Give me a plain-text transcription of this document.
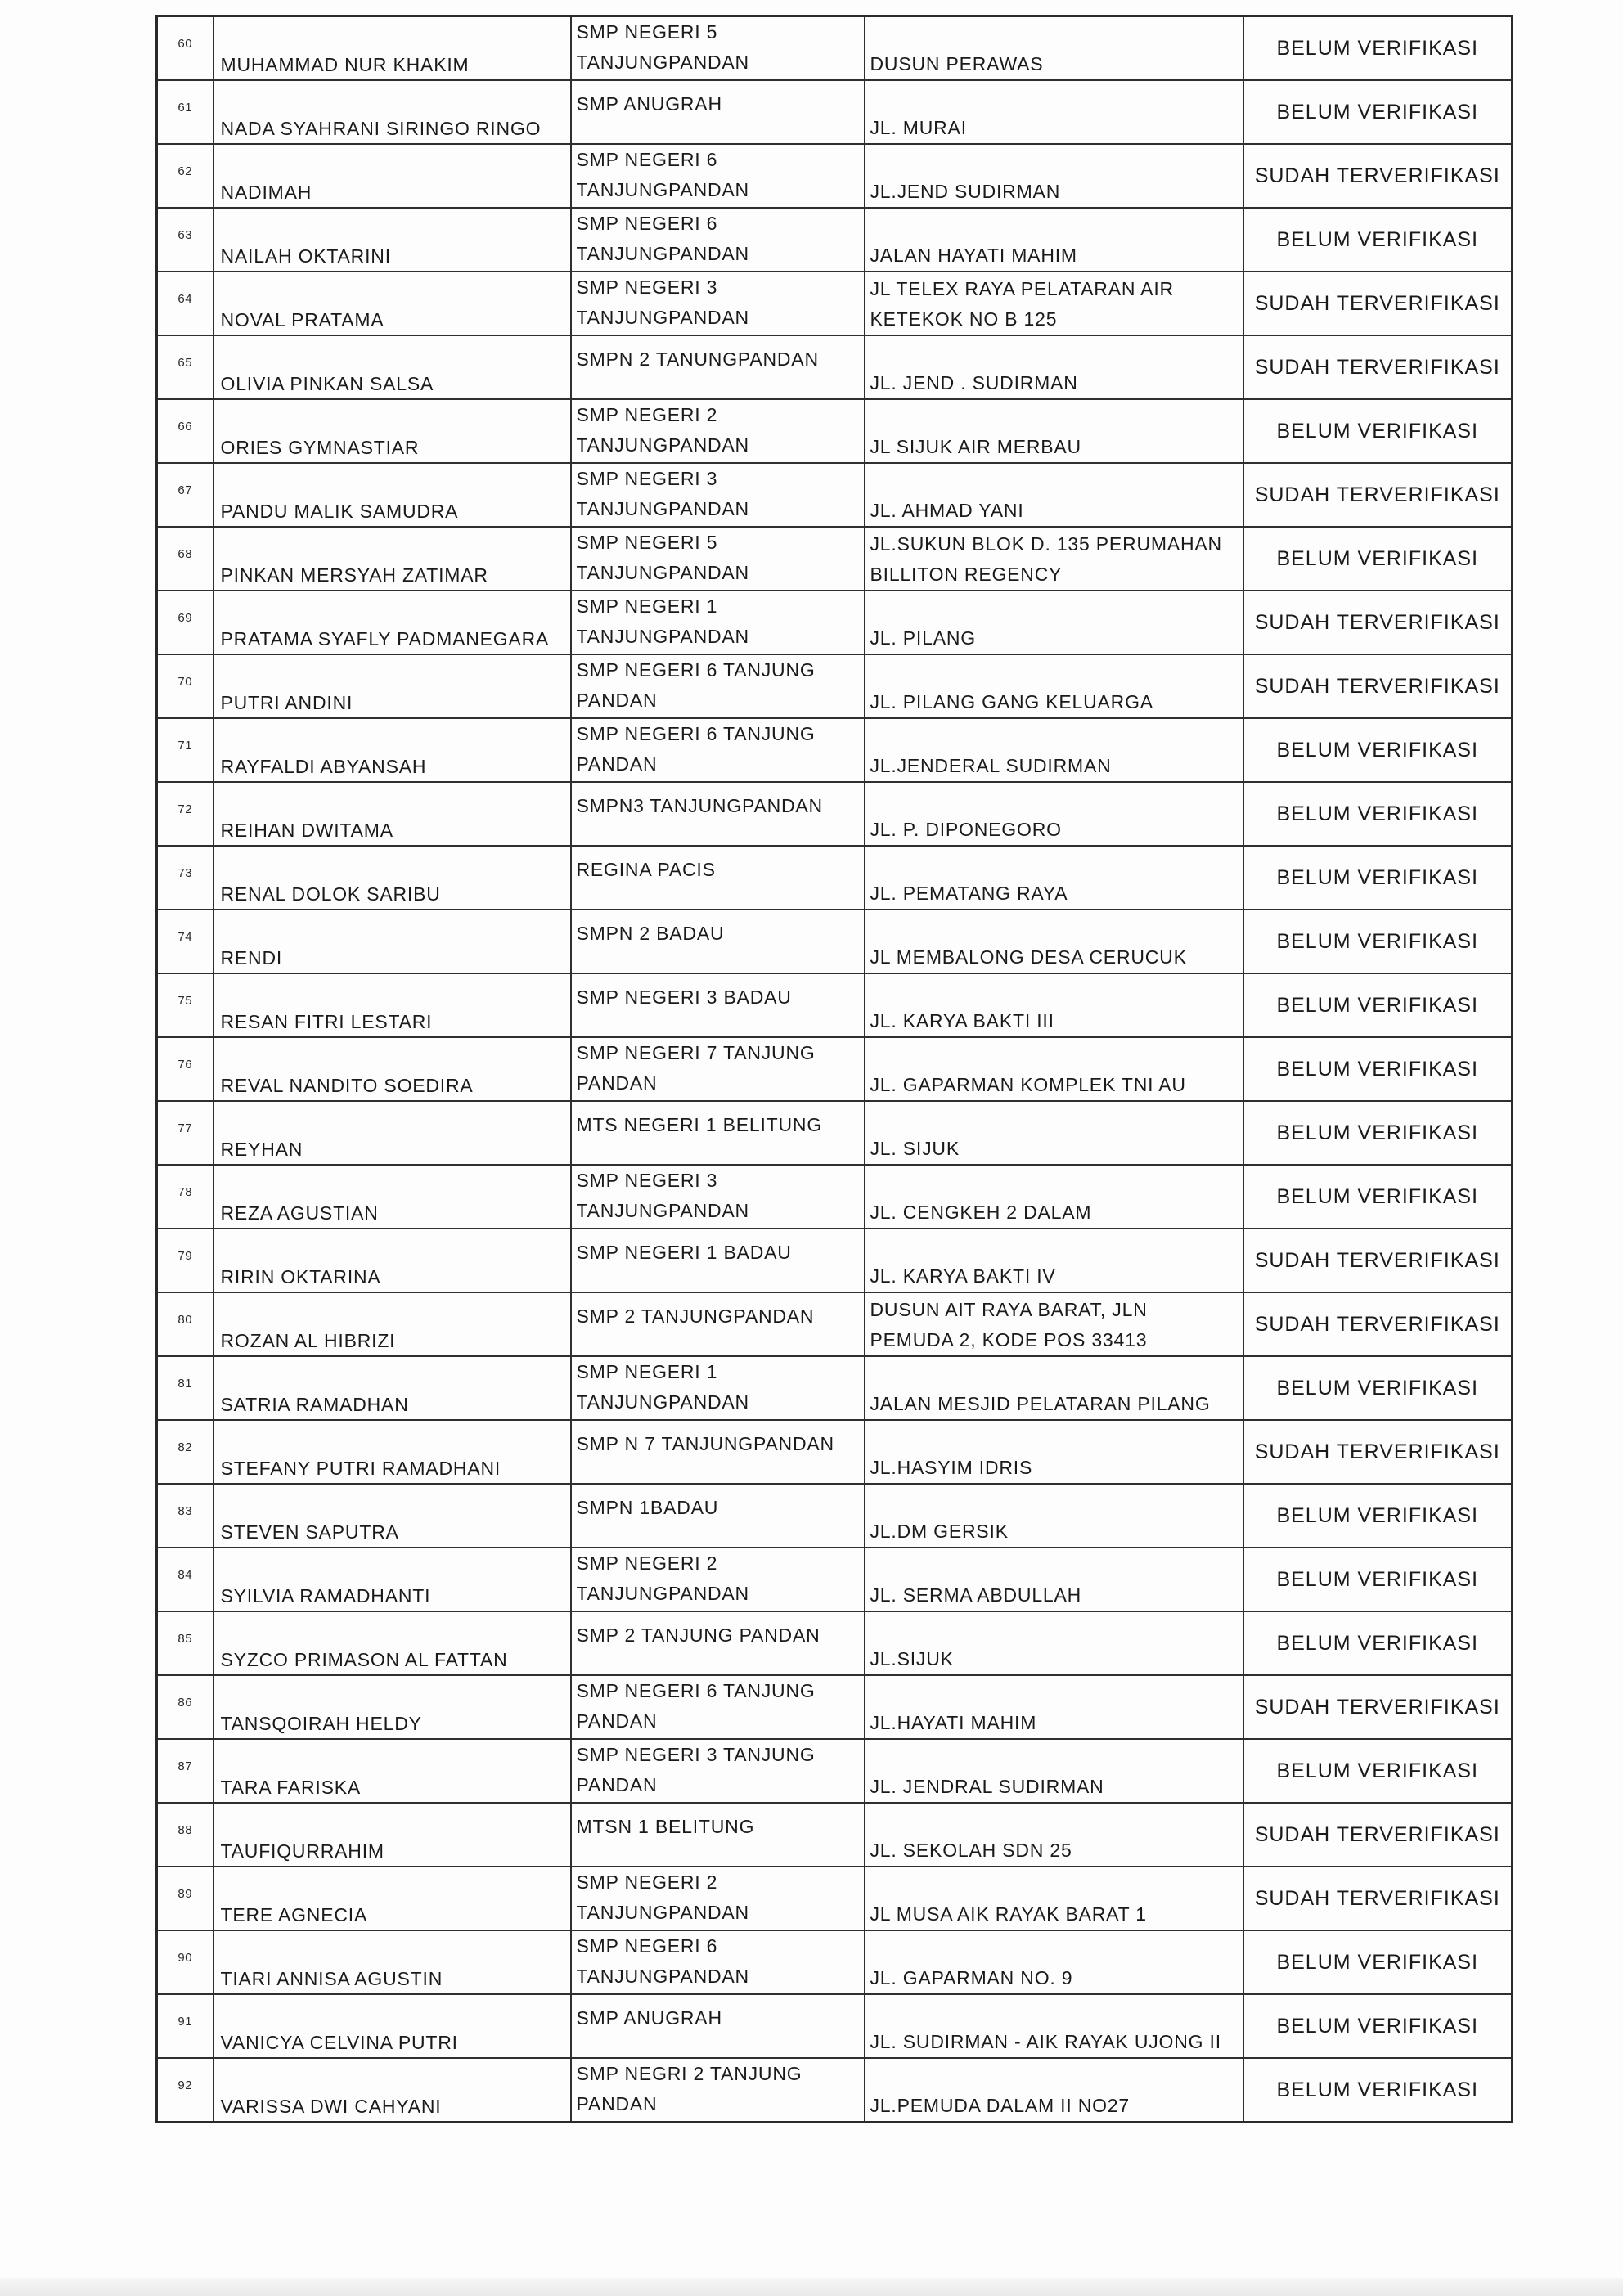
60	MUHAMMAD NUR KHAKIM	SMP NEGERI 5
TANJUNGPANDAN	DUSUN PERAWAS	BELUM VERIFIKASI
61	NADA SYAHRANI SIRINGO RINGO	SMP ANUGRAH	JL. MURAI	BELUM VERIFIKASI
62	NADIMAH	SMP NEGERI 6
TANJUNGPANDAN	JL.JEND SUDIRMAN	SUDAH TERVERIFIKASI
63	NAILAH OKTARINI	SMP NEGERI 6
TANJUNGPANDAN	JALAN HAYATI MAHIM	BELUM VERIFIKASI
64	NOVAL PRATAMA	SMP NEGERI 3
TANJUNGPANDAN	JL TELEX RAYA PELATARAN AIR
KETEKOK NO B 125	SUDAH TERVERIFIKASI
65	OLIVIA PINKAN SALSA	SMPN 2 TANUNGPANDAN	JL. JEND . SUDIRMAN	SUDAH TERVERIFIKASI
66	ORIES GYMNASTIAR	SMP NEGERI 2
TANJUNGPANDAN	JL SIJUK AIR MERBAU	BELUM VERIFIKASI
67	PANDU MALIK SAMUDRA	SMP NEGERI 3
TANJUNGPANDAN	JL. AHMAD YANI	SUDAH TERVERIFIKASI
68	PINKAN MERSYAH ZATIMAR	SMP NEGERI 5
TANJUNGPANDAN	JL.SUKUN BLOK D. 135 PERUMAHAN
BILLITON REGENCY	BELUM VERIFIKASI
69	PRATAMA SYAFLY PADMANEGARA	SMP NEGERI 1
TANJUNGPANDAN	JL. PILANG	SUDAH TERVERIFIKASI
70	PUTRI ANDINI	SMP NEGERI 6 TANJUNG
PANDAN	JL. PILANG GANG KELUARGA	SUDAH TERVERIFIKASI
71	RAYFALDI ABYANSAH	SMP NEGERI 6 TANJUNG
PANDAN	JL.JENDERAL SUDIRMAN	BELUM VERIFIKASI
72	REIHAN DWITAMA	SMPN3 TANJUNGPANDAN	JL. P. DIPONEGORO	BELUM VERIFIKASI
73	RENAL DOLOK SARIBU	REGINA PACIS	JL. PEMATANG RAYA	BELUM VERIFIKASI
74	RENDI	SMPN 2 BADAU	JL MEMBALONG DESA CERUCUK	BELUM VERIFIKASI
75	RESAN FITRI LESTARI	SMP NEGERI 3 BADAU	JL. KARYA BAKTI III	BELUM VERIFIKASI
76	REVAL NANDITO SOEDIRA	SMP NEGERI 7 TANJUNG
PANDAN	JL. GAPARMAN KOMPLEK TNI AU	BELUM VERIFIKASI
77	REYHAN	MTS NEGERI 1 BELITUNG	JL. SIJUK	BELUM VERIFIKASI
78	REZA AGUSTIAN	SMP NEGERI 3
TANJUNGPANDAN	JL. CENGKEH 2 DALAM	BELUM VERIFIKASI
79	RIRIN OKTARINA	SMP NEGERI 1 BADAU	JL. KARYA BAKTI IV	SUDAH TERVERIFIKASI
80	ROZAN AL HIBRIZI	SMP 2 TANJUNGPANDAN	DUSUN AIT RAYA BARAT, JLN
PEMUDA 2, KODE POS 33413	SUDAH TERVERIFIKASI
81	SATRIA RAMADHAN	SMP NEGERI 1
TANJUNGPANDAN	JALAN MESJID PELATARAN PILANG	BELUM VERIFIKASI
82	STEFANY PUTRI RAMADHANI	SMP N 7 TANJUNGPANDAN	JL.HASYIM IDRIS	SUDAH TERVERIFIKASI
83	STEVEN SAPUTRA	SMPN 1BADAU	JL.DM GERSIK	BELUM VERIFIKASI
84	SYILVIA RAMADHANTI	SMP NEGERI 2
TANJUNGPANDAN	JL. SERMA ABDULLAH	BELUM VERIFIKASI
85	SYZCO PRIMASON AL FATTAN	SMP 2 TANJUNG PANDAN	JL.SIJUK	BELUM VERIFIKASI
86	TANSQOIRAH HELDY	SMP NEGERI 6 TANJUNG
PANDAN	JL.HAYATI MAHIM	SUDAH TERVERIFIKASI
87	TARA FARISKA	SMP NEGERI 3 TANJUNG
PANDAN	JL. JENDRAL SUDIRMAN	BELUM VERIFIKASI
88	TAUFIQURRAHIM	MTSN 1 BELITUNG	JL. SEKOLAH SDN 25	SUDAH TERVERIFIKASI
89	TERE AGNECIA	SMP NEGERI 2
TANJUNGPANDAN	JL MUSA AIK RAYAK BARAT 1	SUDAH TERVERIFIKASI
90	TIARI ANNISA AGUSTIN	SMP NEGERI 6
TANJUNGPANDAN	JL. GAPARMAN NO. 9	BELUM VERIFIKASI
91	VANICYA CELVINA PUTRI	SMP ANUGRAH	JL. SUDIRMAN - AIK RAYAK UJONG II	BELUM VERIFIKASI
92	VARISSA DWI CAHYANI	SMP NEGRI 2 TANJUNG
PANDAN	JL.PEMUDA DALAM II NO27	BELUM VERIFIKASI
